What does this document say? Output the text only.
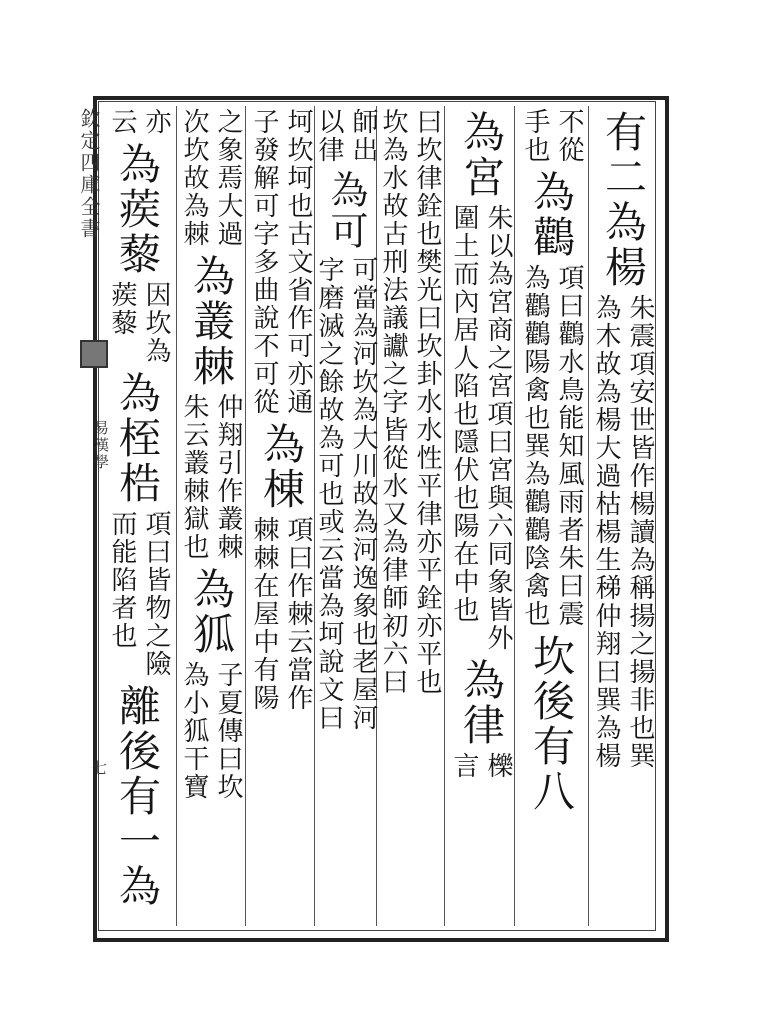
欽定四庫全書
易漢學
七

有二為楊

朱震項安世皆作楊讀為稱揚之揚非也巽
為木故為楊大過枯楊生稊仲翔曰巽為楊
不從
手也

為鸛

項曰鸛水鳥能知風雨者朱曰震
為鸛鸛陽禽也巽為鸛鸛陰禽也

坎後有八

為宮

朱以為宮商之宮項曰宮與六同象皆外
圍土而內居人陷也隱伏也陽在中也

為律

櫟
言
曰坎律銓也樊光曰坎卦水水性平律亦平銓亦平也
坎為水故古刑法議讞之字皆從水又為律師初六曰
師出
以律

為可

可當為河坎為大川故為河逸象也老屋河
字磨滅之餘故為可也或云當為坷說文曰
坷坎坷也古文省作可亦通
子發解可字多曲說不可從

為棟

項曰作棘云當作
棘棘在屋中有陽
之象焉大過
次坎故為棘

為叢棘

仲翔引作叢棘
朱云叢棘獄也

為狐

子夏傳曰坎
為小狐干寶
亦
云

為蒺藜

因坎為
蒺藜

為桎梏

項曰皆物之險
而能陷者也

離後有一為
